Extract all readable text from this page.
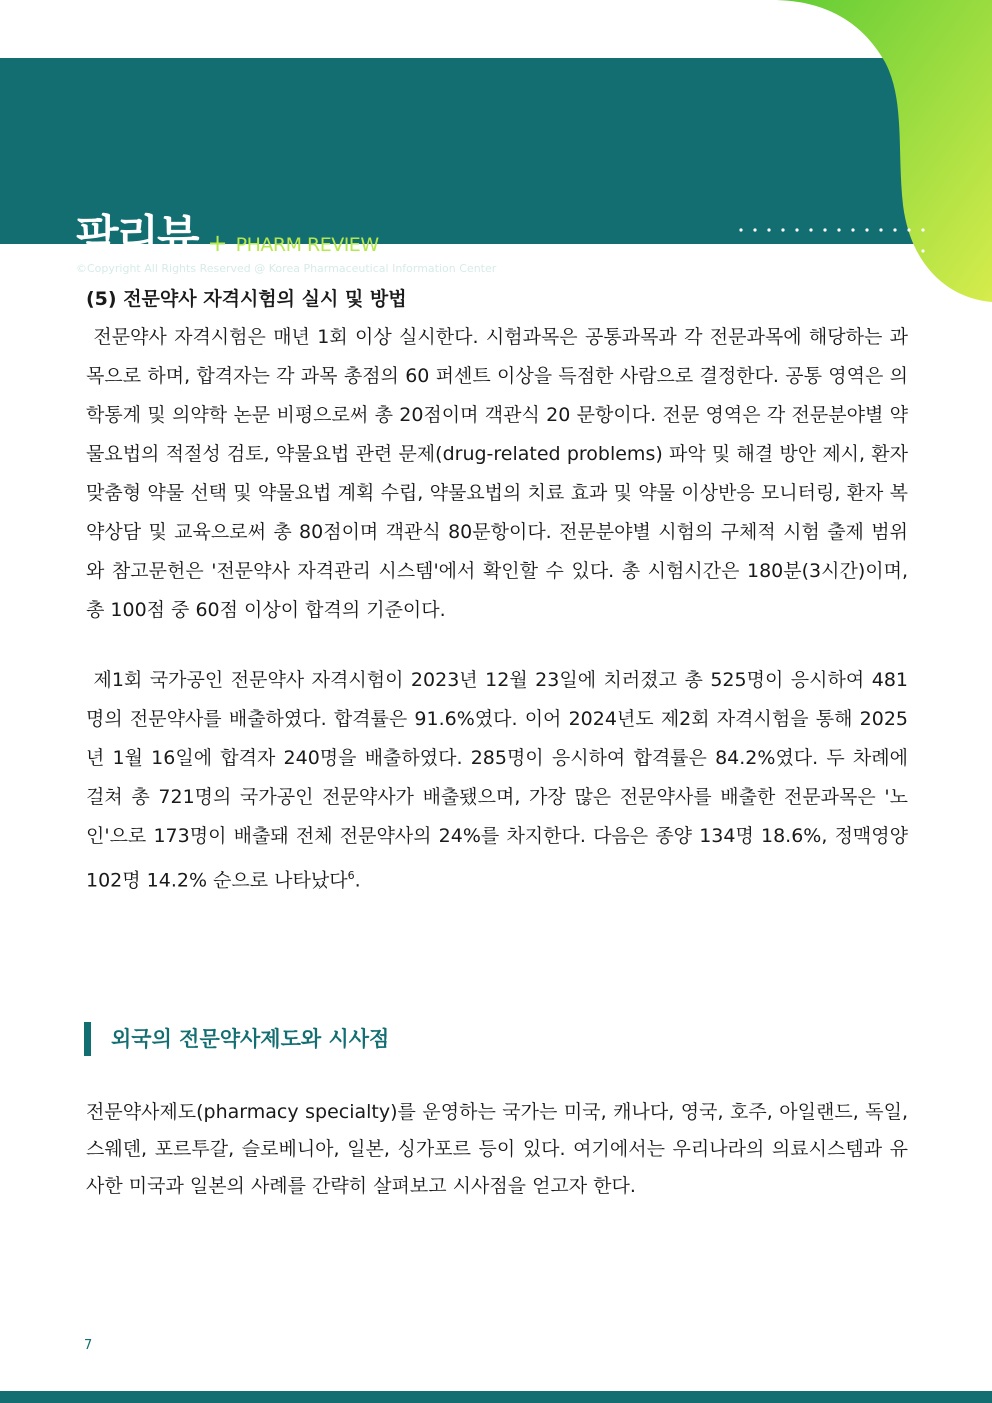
팜리뷰 + PHARM REVIEW
©Copyright All Rights Reserved @ Korea Pharmaceutical Information Center

(5) 전문약사 자격시험의 실시 및 방법

전문약사 자격시험은 매년 1회 이상 실시한다. 시험과목은 공통과목과 각 전문과목에 해당하는 과목으로 하며, 합격자는 각 과목 총점의 60 퍼센트 이상을 득점한 사람으로 결정한다. 공통 영역은 의학통계 및 의약학 논문 비평으로써 총 20점이며 객관식 20 문항이다. 전문 영역은 각 전문분야별 약물요법의 적절성 검토, 약물요법 관련 문제(drug-related problems) 파악 및 해결 방안 제시, 환자 맞춤형 약물 선택 및 약물요법 계획 수립, 약물요법의 치료 효과 및 약물 이상반응 모니터링, 환자 복약상담 및 교육으로써 총 80점이며 객관식 80문항이다. 전문분야별 시험의 구체적 시험 출제 범위와 참고문헌은 '전문약사 자격관리 시스템'에서 확인할 수 있다. 총 시험시간은 180분(3시간)이며, 총 100점 중 60점 이상이 합격의 기준이다.

제1회 국가공인 전문약사 자격시험이 2023년 12월 23일에 치러졌고 총 525명이 응시하여 481명의 전문약사를 배출하였다. 합격률은 91.6%였다. 이어 2024년도 제2회 자격시험을 통해 2025년 1월 16일에 합격자 240명을 배출하였다. 285명이 응시하여 합격률은 84.2%였다. 두 차례에 걸쳐 총 721명의 국가공인 전문약사가 배출됐으며, 가장 많은 전문약사를 배출한 전문과목은 '노인'으로 173명이 배출돼 전체 전문약사의 24%를 차지한다. 다음은 종양 134명 18.6%, 정맥영양 102명 14.2% 순으로 나타났다$^6$.

외국의 전문약사제도와 시사점

전문약사제도(pharmacy specialty)를 운영하는 국가는 미국, 캐나다, 영국, 호주, 아일랜드, 독일, 스웨덴, 포르투갈, 슬로베니아, 일본, 싱가포르 등이 있다. 여기에서는 우리나라의 의료시스템과 유사한 미국과 일본의 사례를 간략히 살펴보고 시사점을 얻고자 한다.

7
